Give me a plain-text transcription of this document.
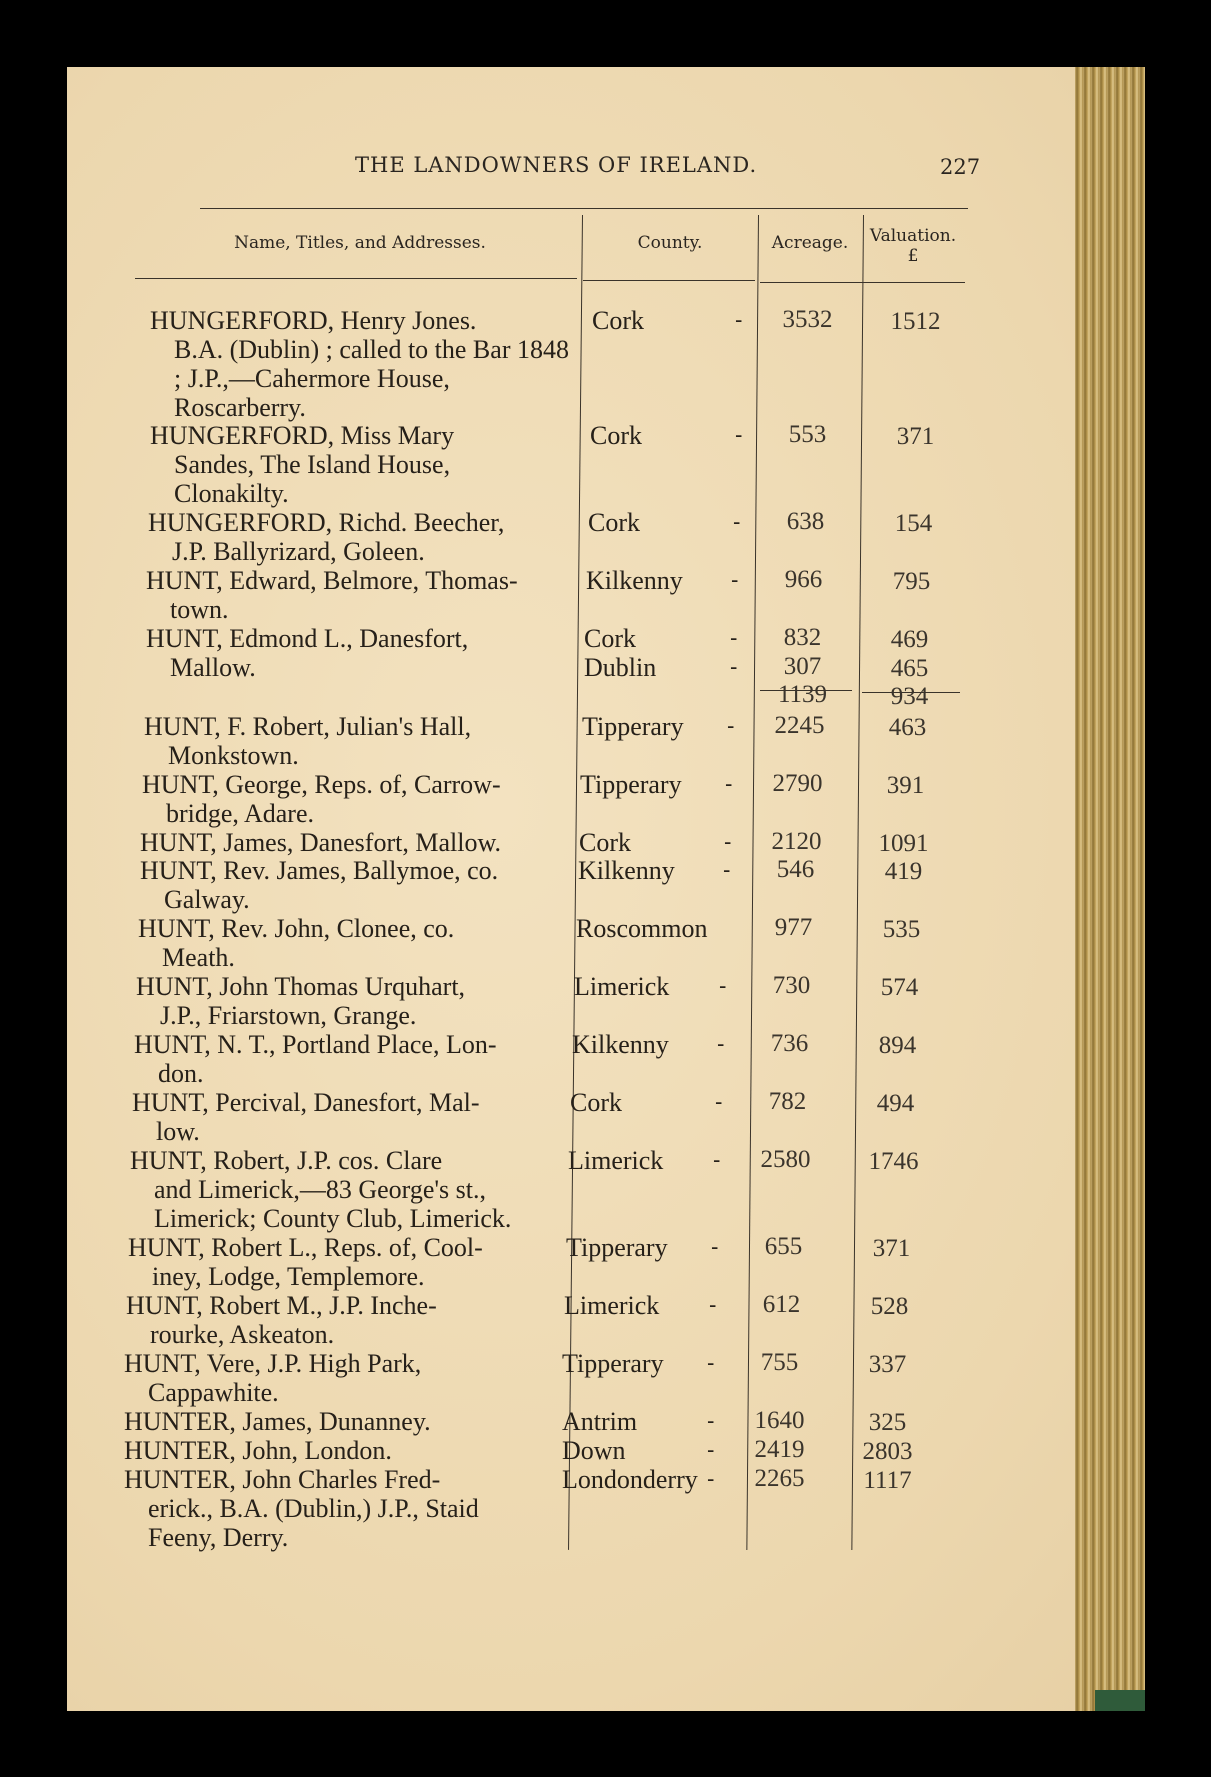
THE LANDOWNERS OF IRELAND.	227
Name, Titles, and Addresses.	County.	Acreage.	Valuation.
£
HUNGERFORD, Henry Jones.
B.A. (Dublin) ; called to the Bar 1848 ; J.P.,—Cahermore House, Roscarberry.
Cork	-	3532	1512
HUNGERFORD, Miss Mary
Sandes, The Island House, Clonakilty.
Cork	-	553	371
HUNGERFORD, Richd. Beecher,
J.P. Ballyrizard, Goleen.
Cork	-	638	154
HUNT, Edward, Belmore, Thomas-
town.
Kilkenny -	966	795
HUNT, Edmond L., Danesfort,
Mallow.
Cork	-	832	469
Dublin	-	307	465
1139	934
HUNT, F. Robert, Julian's Hall,
Monkstown.
Tipperary -	2245	463
HUNT, George, Reps. of, Carrow-
bridge, Adare.
Tipperary -	2790	391
HUNT, James, Danesfort, Mallow.	Cork	-	2120	1091
HUNT, Rev. James, Ballymoe, co.
Galway.
Kilkenny -	546	419
HUNT, Rev. John, Clonee, co.
Meath.
Roscommon	977	535
HUNT, John Thomas Urquhart,
J.P., Friarstown, Grange.
Limerick -	730	574
HUNT, N. T., Portland Place, Lon-
don.
Kilkenny -	736	894
HUNT, Percival, Danesfort, Mal-
low.
Cork	-	782	494
HUNT, Robert, J.P. cos. Clare
and Limerick,—83 George's st., Limerick; County Club, Limerick.
Limerick -	2580	1746
HUNT, Robert L., Reps. of, Cool-
iney, Lodge, Templemore.
Tipperary -	655	371
HUNT, Robert M., J.P. Inche-
rourke, Askeaton.
Limerick -	612	528
HUNT, Vere, J.P. High Park,
Cappawhite.
Tipperary -	755	337
HUNTER, James, Dunanney.	Antrim	-	1640	325
HUNTER, John, London.	Down	-	2419	2803
HUNTER, John Charles Fred-
erick., B.A. (Dublin,) J.P., Staid Feeny, Derry.
Londonderry -	2265	1117
